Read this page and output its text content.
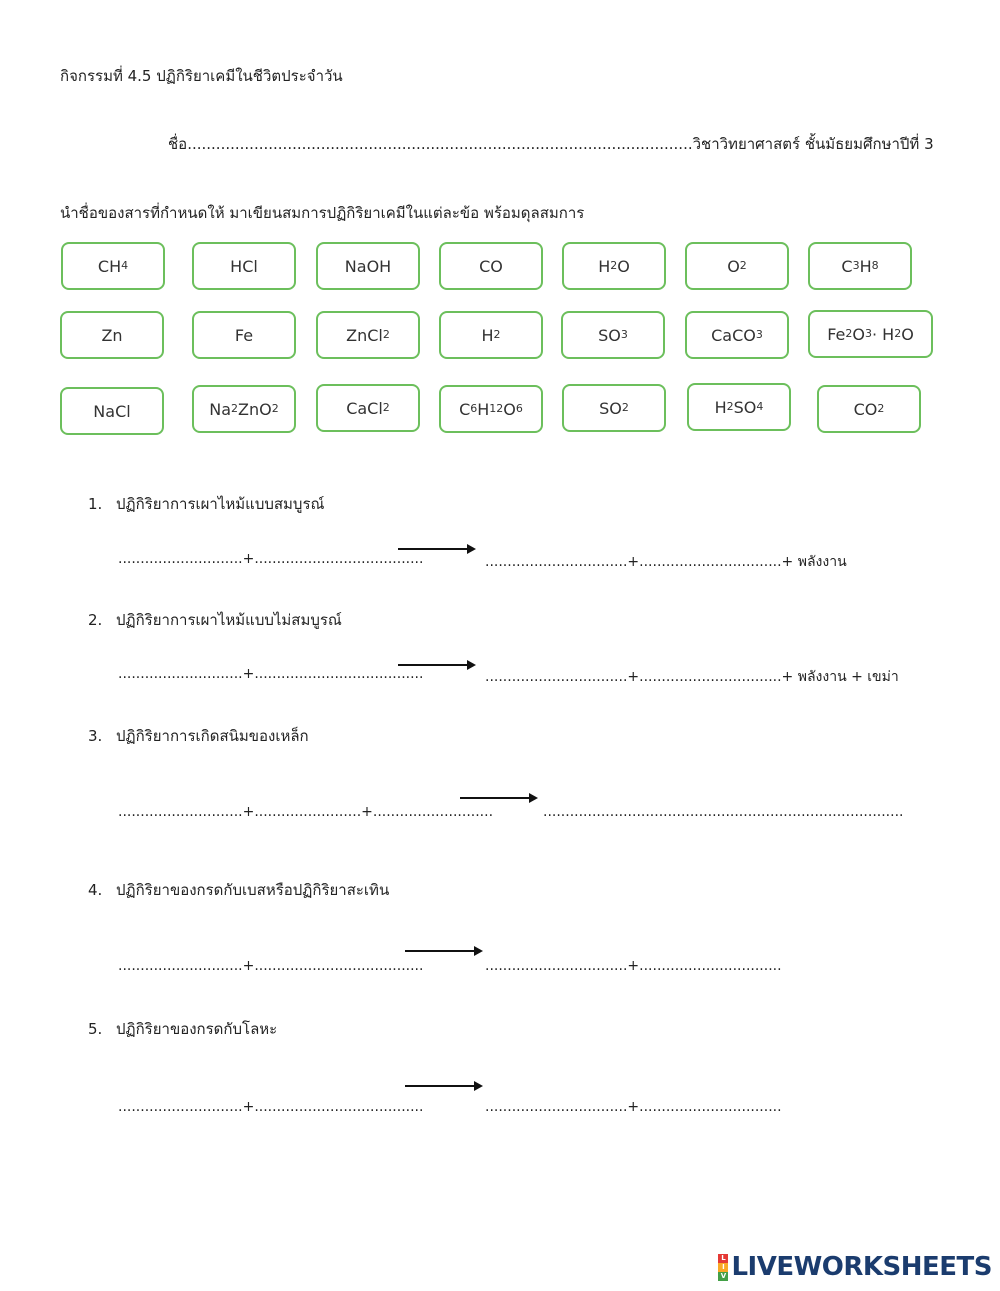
กิจกรรมที่ 4.5 ปฏิกิริยาเคมีในชีวิตประจำวัน
ชื่อ..........................................................................................................วิชาวิทยาศาสตร์ ชั้นมัธยมศึกษาปีที่ 3
นำชื่อของสารที่กำหนดให้ มาเขียนสมการปฏิกิริยาเคมีในแต่ละข้อ พร้อมดุลสมการ
CH 4	HCl	NaOH	CO	H 2 O	O 2	C 3 H 8
Zn	Fe	ZnCl 2	H 2	SO 3	CaCO 3	Fe 2 O 3 · H 2 O
NaCl	Na 2 ZnO 2	CaCl 2	C 6 H 12 O 6	SO 2	H 2 SO 4	CO 2
1. ปฏิกิริยาการเผาไหม้แบบสมบูรณ์
............................+......................................	................................+................................+ พลังงาน
2. ปฏิกิริยาการเผาไหม้แบบไม่สมบูรณ์
............................+......................................	................................+................................+ พลังงาน + เขม่า
3. ปฏิกิริยาการเกิดสนิมของเหล็ก
............................+........................+...........................	.................................................................................
4. ปฏิกิริยาของกรดกับเบสหรือปฏิกิริยาสะเทิน
............................+......................................	................................+................................
5. ปฏิกิริยาของกรดกับโลหะ
............................+......................................	................................+................................
L
I
V LIVEWORKSHEETS
